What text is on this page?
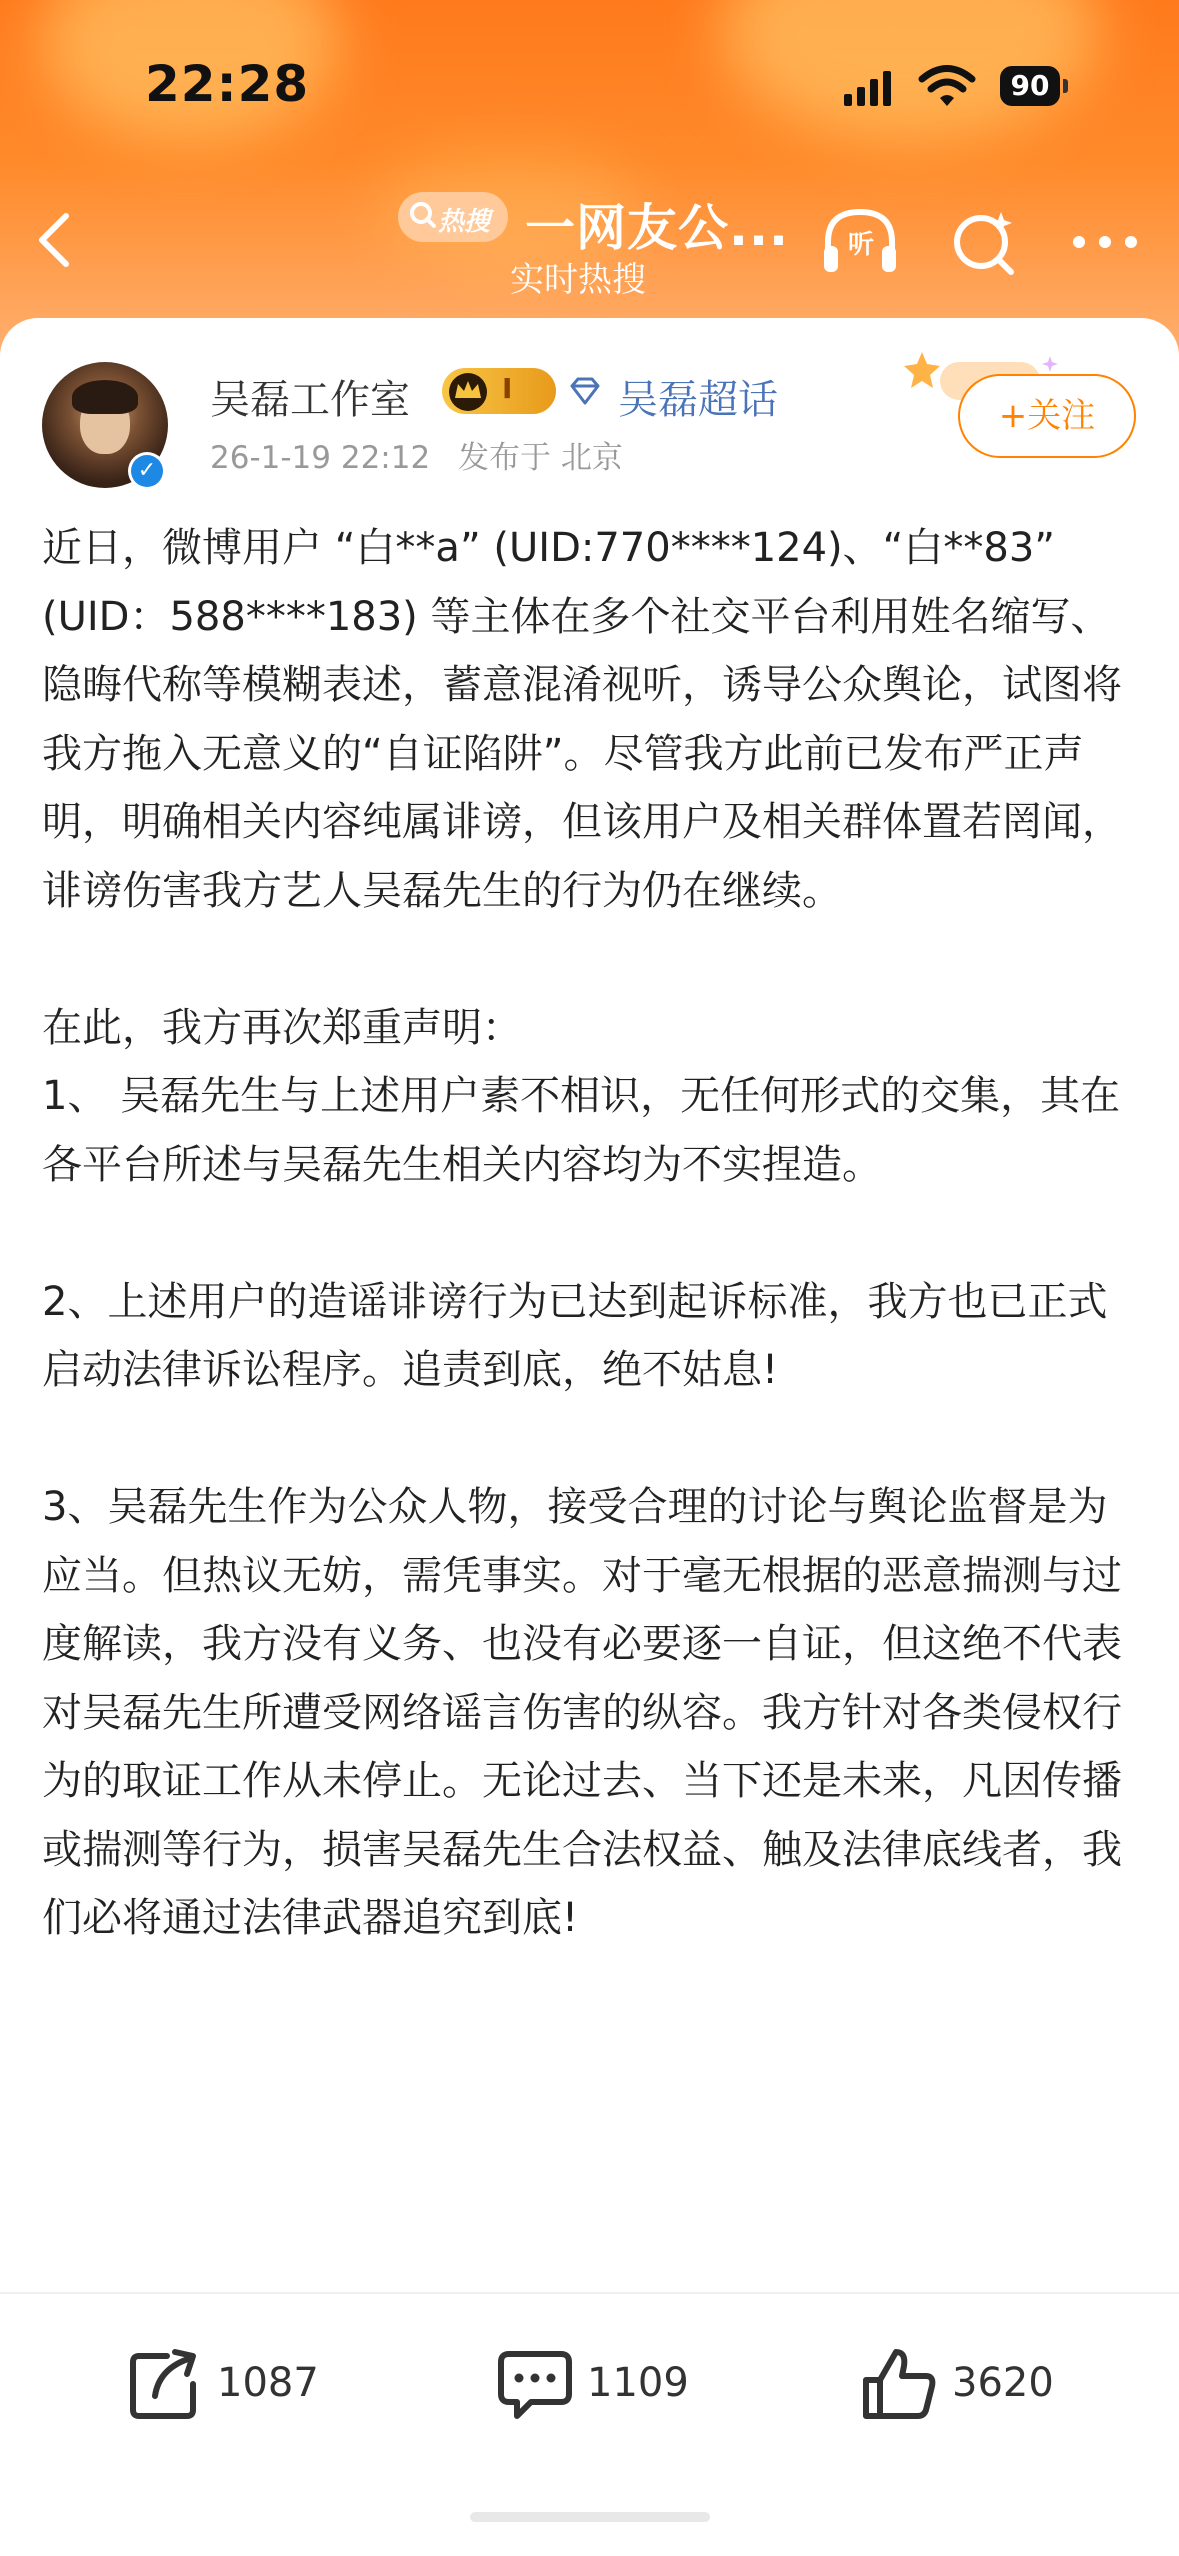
22:28	90
热搜 一网友公...
实时热搜
听
✓
吴磊工作室	I	吴磊超话
26-1-19 22:12 发布于 北京
+关注

近日，微博用户 “白**a” (UID:770****124)、“白**83” (UID：588****183) 等主体在多个社交平台利用姓名缩写、隐晦代称等模糊表述，蓄意混淆视听，诱导公众舆论，试图将我方拖入无意义的“自证陷阱”。尽管我方此前已发布严正声明，明确相关内容纯属诽谤，但该用户及相关群体置若罔闻，诽谤伤害我方艺人吴磊先生的行为仍在继续。

在此，我方再次郑重声明：

1、 吴磊先生与上述用户素不相识，无任何形式的交集，其在各平台所述与吴磊先生相关内容均为不实捏造。

2、上述用户的造谣诽谤行为已达到起诉标准，我方也已正式启动法律诉讼程序。追责到底，绝不姑息!

3、吴磊先生作为公众人物，接受合理的讨论与舆论监督是为应当。但热议无妨，需凭事实。对于毫无根据的恶意揣测与过度解读，我方没有义务、也没有必要逐一自证，但这绝不代表对吴磊先生所遭受网络谣言伤害的纵容。我方针对各类侵权行为的取证工作从未停止。无论过去、当下还是未来，凡因传播或揣测等行为，损害吴磊先生合法权益、触及法律底线者，我们必将通过法律武器追究到底!

1087	1109	3620
